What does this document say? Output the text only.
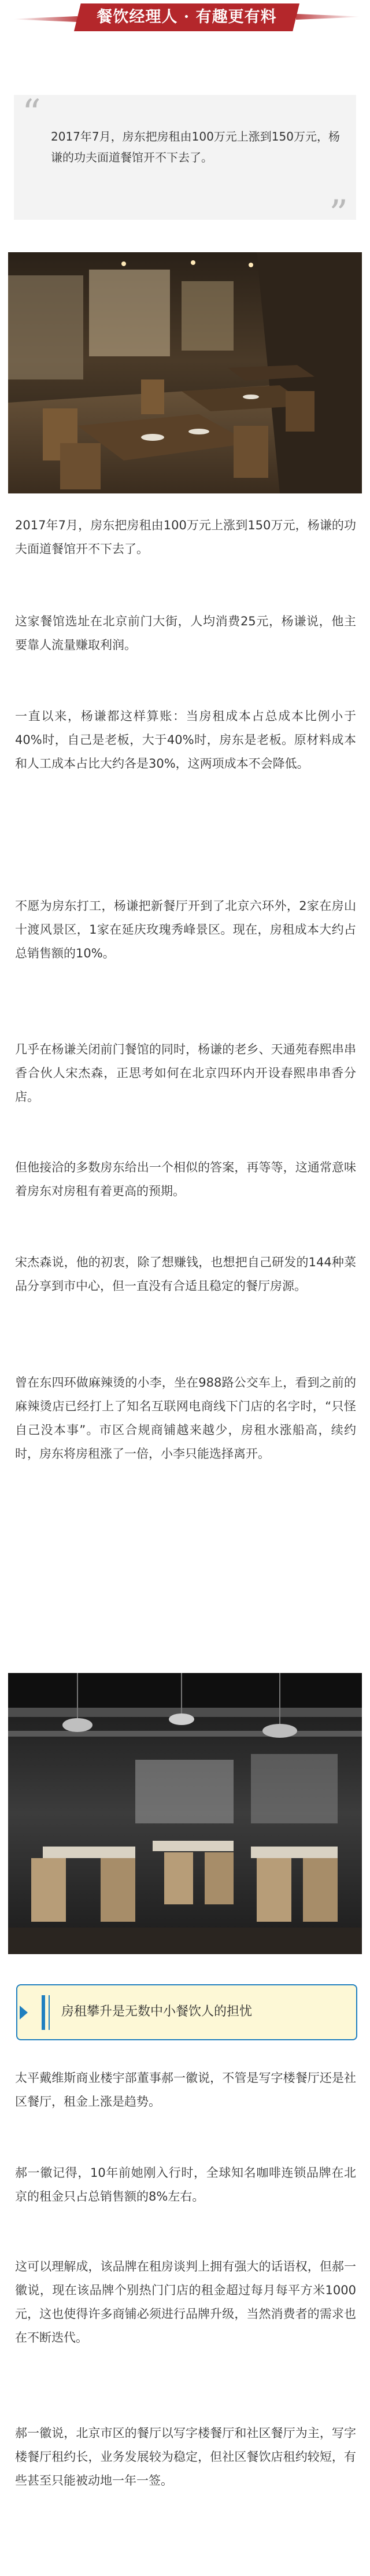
餐饮经理人 · 有趣更有料
“
2017年7月，房东把房租由100万元上涨到150万元，杨谦的功夫面道餐馆开不下去了。
”
2017年7月，房东把房租由100万元上涨到150万元，杨谦的功夫面道餐馆开不下去了。
这家餐馆选址在北京前门大街，人均消费25元，杨谦说，他主要靠人流量赚取利润。
一直以来，杨谦都这样算账：当房租成本占总成本比例小于40%时，自己是老板，大于40%时，房东是老板。原材料成本和人工成本占比大约各是30%，这两项成本不会降低。
不愿为房东打工，杨谦把新餐厅开到了北京六环外，2家在房山十渡风景区，1家在延庆玫瑰秀峰景区。现在，房租成本大约占总销售额的10%。
几乎在杨谦关闭前门餐馆的同时，杨谦的老乡、天通苑春熙串串香合伙人宋杰森，正思考如何在北京四环内开设春熙串串香分店。
但他接洽的多数房东给出一个相似的答案，再等等，这通常意味着房东对房租有着更高的预期。
宋杰森说，他的初衷，除了想赚钱，也想把自己研发的144种菜品分享到市中心，但一直没有合适且稳定的餐厅房源。
曾在东四环做麻辣烫的小李，坐在988路公交车上，看到之前的麻辣烫店已经打上了知名互联网电商线下门店的名字时，“只怪自己没本事”。市区合规商铺越来越少，房租水涨船高，续约时，房东将房租涨了一倍，小李只能选择离开。
房租攀升是无数中小餐饮人的担忧
太平戴维斯商业楼宇部董事郝一徽说，不管是写字楼餐厅还是社区餐厅，租金上涨是趋势。
郝一徽记得，10年前她刚入行时，全球知名咖啡连锁品牌在北京的租金只占总销售额的8%左右。
这可以理解成，该品牌在租房谈判上拥有强大的话语权，但郝一徽说，现在该品牌个别热门门店的租金超过每月每平方米1000元，这也使得许多商铺必须进行品牌升级，当然消费者的需求也在不断迭代。
郝一徽说，北京市区的餐厅以写字楼餐厅和社区餐厅为主，写字楼餐厅租约长，业务发展较为稳定，但社区餐饮店租约较短，有些甚至只能被动地一年一签。
